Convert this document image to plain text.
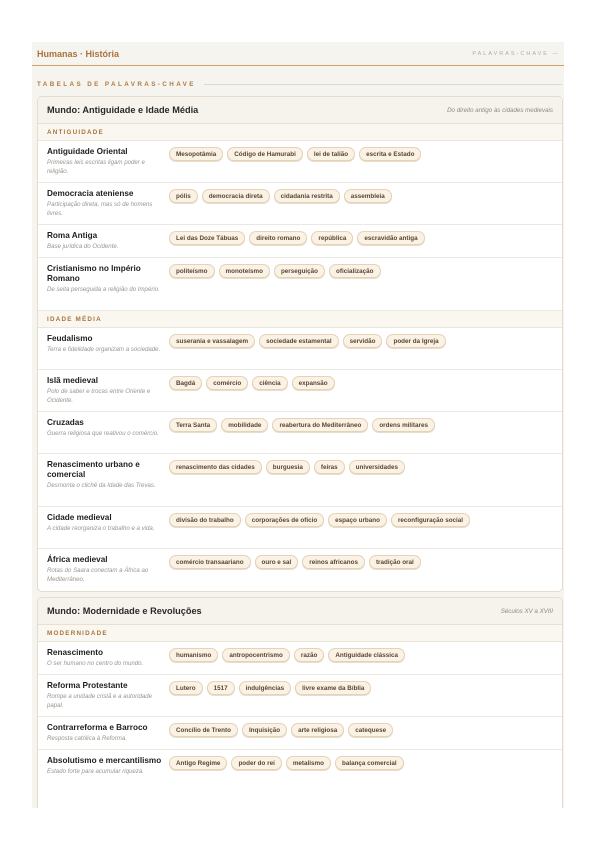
Humanas · História	PALAVRAS-CHAVE —
TABELAS DE PALAVRAS-CHAVE
Mundo: Antiguidade e Idade Média	Do direito antigo às cidades medievais
ANTIGUIDADE
Antiguidade Oriental
Primeiras leis escritas ligam poder e religião.
Mesopotâmia	Código de Hamurabi	lei de talião	escrita e Estado
Democracia ateniense
Participação direta, mas só de homens livres.
pólis	democracia direta	cidadania restrita	assembleia
Roma Antiga
Base jurídica do Ocidente.
Lei das Doze Tábuas	direito romano	república	escravidão antiga
Cristianismo no Império Romano
De seita perseguida a religião do Império.
politeísmo	monoteísmo	perseguição	oficialização
IDADE MÉDIA
Feudalismo
Terra e fidelidade organizam a sociedade.
suserania e vassalagem	sociedade estamental	servidão	poder da Igreja
Islã medieval
Polo de saber e trocas entre Oriente e Ocidente.
Bagdá	comércio	ciência	expansão
Cruzadas
Guerra religiosa que reativou o comércio.
Terra Santa	mobilidade	reabertura do Mediterrâneo	ordens militares
Renascimento urbano e comercial
Desmonta o clichê da Idade das Trevas.
renascimento das cidades	burguesia	feiras	universidades
Cidade medieval
A cidade reorganiza o trabalho e a vida.
divisão do trabalho	corporações de ofício	espaço urbano	reconfiguração social
África medieval
Rotas do Saara conectam a África ao Mediterrâneo.
comércio transaariano	ouro e sal	reinos africanos	tradição oral
Mundo: Modernidade e Revoluções	Séculos XV a XVIII
MODERNIDADE
Renascimento
O ser humano no centro do mundo.
humanismo	antropocentrismo	razão	Antiguidade clássica
Reforma Protestante
Rompe a unidade cristã e a autoridade papal.
Lutero	1517	indulgências	livre exame da Bíblia
Contrarreforma e Barroco
Resposta católica à Reforma.
Concílio de Trento	Inquisição	arte religiosa	catequese
Absolutismo e mercantilismo
Estado forte para acumular riqueza.
Antigo Regime	poder do rei	metalismo	balança comercial
